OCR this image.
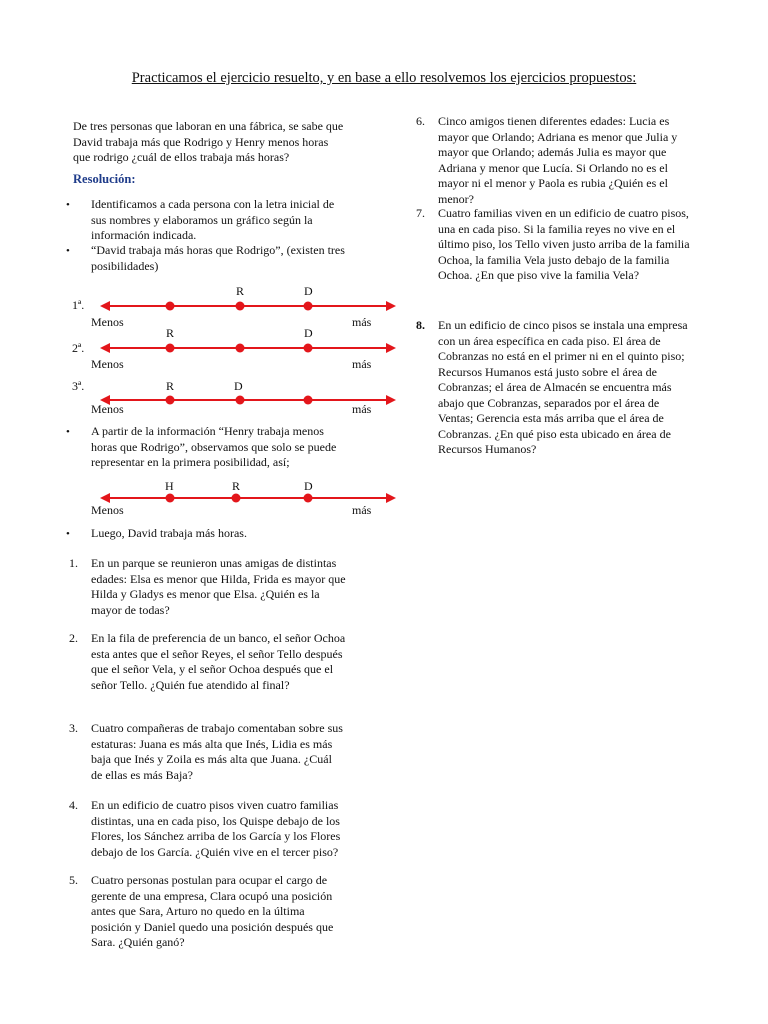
Practicamos el ejercicio resuelto, y en base a ello resolvemos los ejercicios propuestos:
De tres personas que laboran en una fábrica, se sabe que
David trabaja más que Rodrigo y Henry menos horas
que rodrigo ¿cuál de ellos trabaja más horas?
Resolución:
• Identificamos a cada persona con la letra inicial de
sus nombres y elaboramos un gráfico según la
información indicada.
• “David trabaja más horas que Rodrigo”, (existen tres
posibilidades)
1ª.
R	D
Menos	más
2ª.
R	D
Menos	más
3ª.	R	D
Menos	más
• A partir de la información “Henry trabaja menos
horas que Rodrigo”, observamos que solo se puede
representar en la primera posibilidad, así;
H	R	D
Menos	más
• Luego, David trabaja más horas.
1. En un parque se reunieron unas amigas de distintas
edades: Elsa es menor que Hilda, Frida es mayor que
Hilda y Gladys es menor que Elsa. ¿Quién es la
mayor de todas?
2. En la fila de preferencia de un banco, el señor Ochoa
esta antes que el señor Reyes, el señor Tello después
que el señor Vela, y el señor Ochoa después que el
señor Tello. ¿Quién fue atendido al final?
3. Cuatro compañeras de trabajo comentaban sobre sus
estaturas: Juana es más alta que Inés, Lidia es más
baja que Inés y Zoila es más alta que Juana. ¿Cuál
de ellas es más Baja?
4. En un edificio de cuatro pisos viven cuatro familias
distintas, una en cada piso, los Quispe debajo de los
Flores, los Sánchez arriba de los García y los Flores
debajo de los García. ¿Quién vive en el tercer piso?
5. Cuatro personas postulan para ocupar el cargo de
gerente de una empresa, Clara ocupó una posición
antes que Sara, Arturo no quedo en la última
posición y Daniel quedo una posición después que
Sara. ¿Quién ganó?
6. Cinco amigos tienen diferentes edades: Lucia es
mayor que Orlando; Adriana es menor que Julia y
mayor que Orlando; además Julia es mayor que
Adriana y menor que Lucía. Si Orlando no es el
mayor ni el menor y Paola es rubia ¿Quién es el
menor?
7. Cuatro familias viven en un edificio de cuatro pisos,
una en cada piso. Si la familia reyes no vive en el
último piso, los Tello viven justo arriba de la familia
Ochoa, la familia Vela justo debajo de la familia
Ochoa. ¿En que piso vive la familia Vela?
8. En un edificio de cinco pisos se instala una empresa
con un área específica en cada piso. El área de
Cobranzas no está en el primer ni en el quinto piso;
Recursos Humanos está justo sobre el área de
Cobranzas; el área de Almacén se encuentra más
abajo que Cobranzas, separados por el área de
Ventas; Gerencia esta más arriba que el área de
Cobranzas. ¿En qué piso esta ubicado en área de
Recursos Humanos?
